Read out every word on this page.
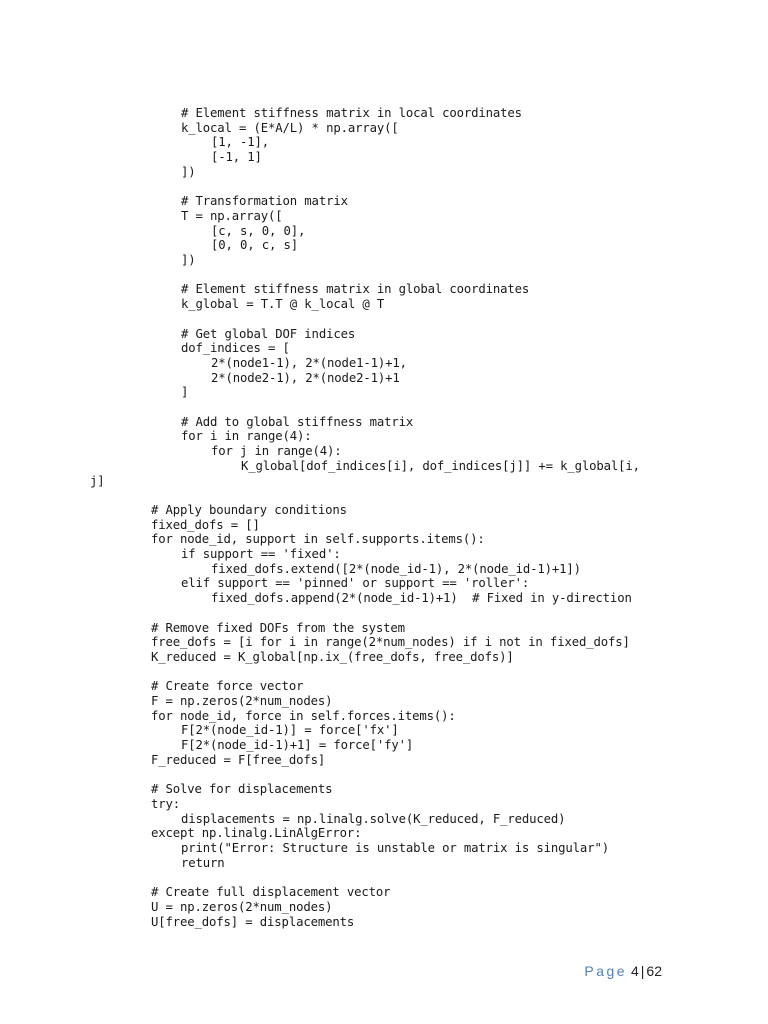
# Element stiffness matrix in local coordinates
k_local = (E*A/L) * np.array([
[1, -1],
[-1, 1]
])
# Transformation matrix
T = np.array([
[c, s, 0, 0],
[0, 0, c, s]
])
# Element stiffness matrix in global coordinates
k_global = T.T @ k_local @ T
# Get global DOF indices
dof_indices = [
2*(node1-1), 2*(node1-1)+1,
2*(node2-1), 2*(node2-1)+1
]
# Add to global stiffness matrix
for i in range(4):
for j in range(4):
K_global[dof_indices[i], dof_indices[j]] += k_global[i,
j]
# Apply boundary conditions
fixed_dofs = []
for node_id, support in self.supports.items():
if support == 'fixed':
fixed_dofs.extend([2*(node_id-1), 2*(node_id-1)+1])
elif support == 'pinned' or support == 'roller':
fixed_dofs.append(2*(node_id-1)+1)  # Fixed in y-direction
# Remove fixed DOFs from the system
free_dofs = [i for i in range(2*num_nodes) if i not in fixed_dofs]
K_reduced = K_global[np.ix_(free_dofs, free_dofs)]
# Create force vector
F = np.zeros(2*num_nodes)
for node_id, force in self.forces.items():
F[2*(node_id-1)] = force['fx']
F[2*(node_id-1)+1] = force['fy']
F_reduced = F[free_dofs]
# Solve for displacements
try:
displacements = np.linalg.solve(K_reduced, F_reduced)
except np.linalg.LinAlgError:
print("Error: Structure is unstable or matrix is singular")
return
# Create full displacement vector
U = np.zeros(2*num_nodes)
U[free_dofs] = displacements
Page 4 | 62
